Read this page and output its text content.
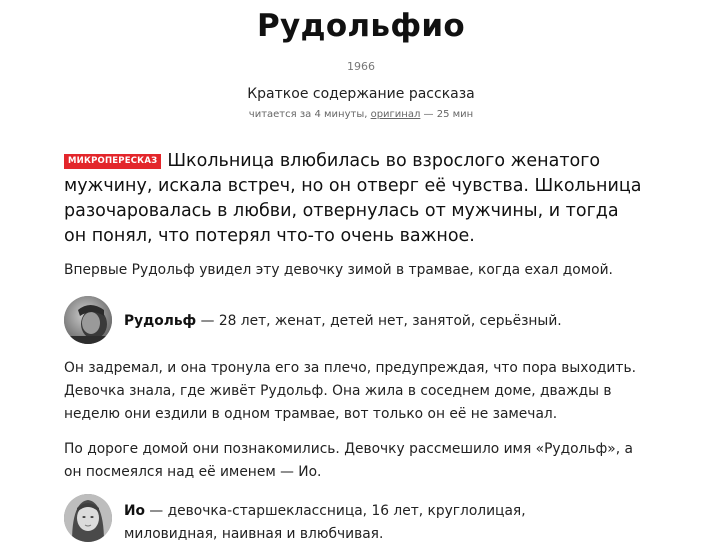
Рудольфио
1966
Краткое содержание рассказа
читается за 4 минуты, оригинал — 25 мин
МИКРОПЕРЕСКАЗ Школьница влюбилась во взрослого женатого мужчину, искала встреч, но он отверг её чувства. Школьница разочаровалась в любви, отвернулась от мужчины, и тогда он понял, что потерял что-то очень важное.
Впервые Рудольф увидел эту девочку зимой в трамвае, когда ехал домой.
Рудольф — 28 лет, женат, детей нет, занятой, серьёзный.
Он задремал, и она тронула его за плечо, предупреждая, что пора выходить. Девочка знала, где живёт Рудольф. Она жила в соседнем доме, дважды в неделю они ездили в одном трамвае, вот только он её не замечал.
По дороге домой они познакомились. Девочку рассмешило имя «Рудольф», а он посмеялся над её именем — Ио.
Ио — девочка-старшеклассница, 16 лет, круглолицая, миловидная, наивная и влюбчивая.
